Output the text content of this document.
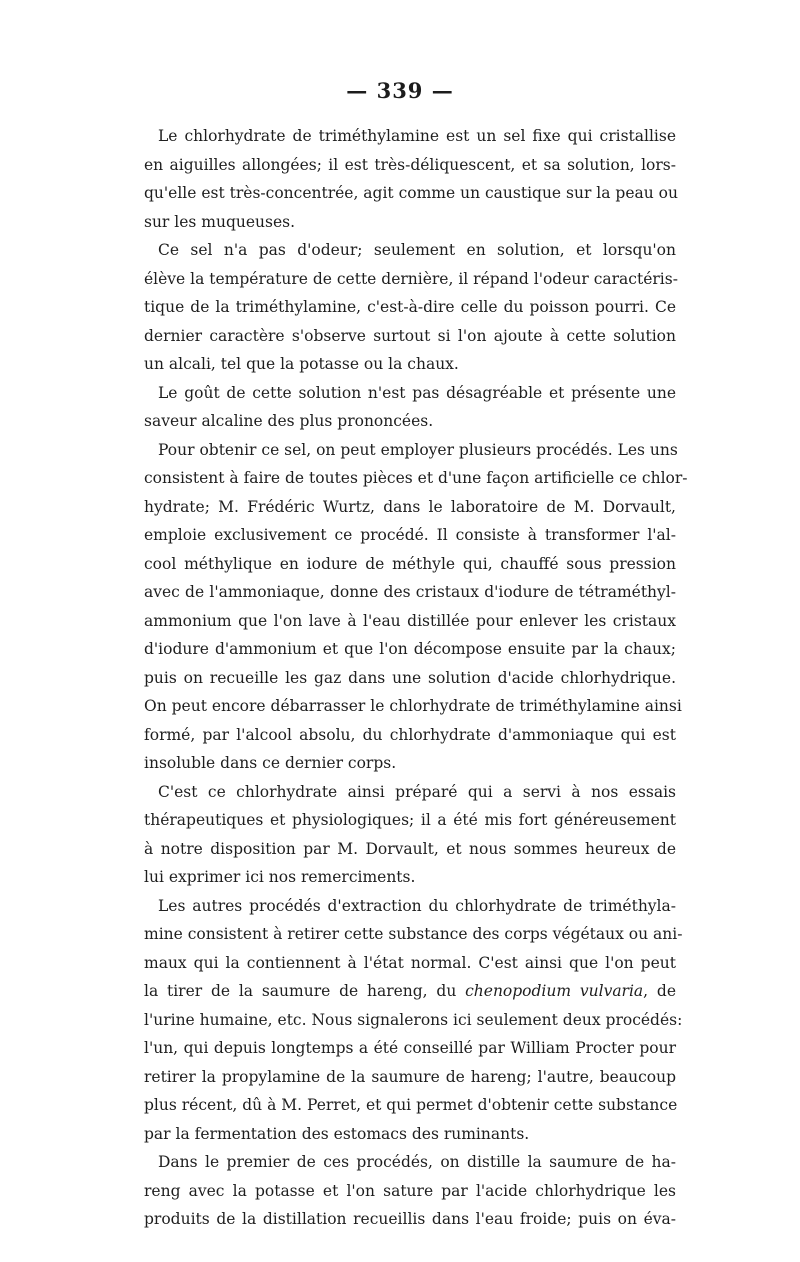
— 339 —
Le chlorhydrate de triméthylamine est un sel fixe qui cristallise
en aiguilles allongées; il est très-déliquescent, et sa solution, lors-
qu'elle est très-concentrée, agit comme un caustique sur la peau ou
sur les muqueuses.
Ce sel n'a pas d'odeur; seulement en solution, et lorsqu'on
élève la température de cette dernière, il répand l'odeur caractéris-
tique de la triméthylamine, c'est-à-dire celle du poisson pourri. Ce
dernier caractère s'observe surtout si l'on ajoute à cette solution
un alcali, tel que la potasse ou la chaux.
Le goût de cette solution n'est pas désagréable et présente une
saveur alcaline des plus prononcées.
Pour obtenir ce sel, on peut employer plusieurs procédés. Les uns
consistent à faire de toutes pièces et d'une façon artificielle ce chlor-
hydrate; M. Frédéric Wurtz, dans le laboratoire de M. Dorvault,
emploie exclusivement ce procédé. Il consiste à transformer l'al-
cool méthylique en iodure de méthyle qui, chauffé sous pression
avec de l'ammoniaque, donne des cristaux d'iodure de tétraméthyl-
ammonium que l'on lave à l'eau distillée pour enlever les cristaux
d'iodure d'ammonium et que l'on décompose ensuite par la chaux;
puis on recueille les gaz dans une solution d'acide chlorhydrique.
On peut encore débarrasser le chlorhydrate de triméthylamine ainsi
formé, par l'alcool absolu, du chlorhydrate d'ammoniaque qui est
insoluble dans ce dernier corps.
C'est ce chlorhydrate ainsi préparé qui a servi à nos essais
thérapeutiques et physiologiques; il a été mis fort généreusement
à notre disposition par M. Dorvault, et nous sommes heureux de
lui exprimer ici nos remerciments.
Les autres procédés d'extraction du chlorhydrate de triméthyla-
mine consistent à retirer cette substance des corps végétaux ou ani-
maux qui la contiennent à l'état normal. C'est ainsi que l'on peut
la tirer de la saumure de hareng, du chenopodium vulvaria, de
l'urine humaine, etc. Nous signalerons ici seulement deux procédés:
l'un, qui depuis longtemps a été conseillé par William Procter pour
retirer la propylamine de la saumure de hareng; l'autre, beaucoup
plus récent, dû à M. Perret, et qui permet d'obtenir cette substance
par la fermentation des estomacs des ruminants.
Dans le premier de ces procédés, on distille la saumure de ha-
reng avec la potasse et l'on sature par l'acide chlorhydrique les
produits de la distillation recueillis dans l'eau froide; puis on éva-
